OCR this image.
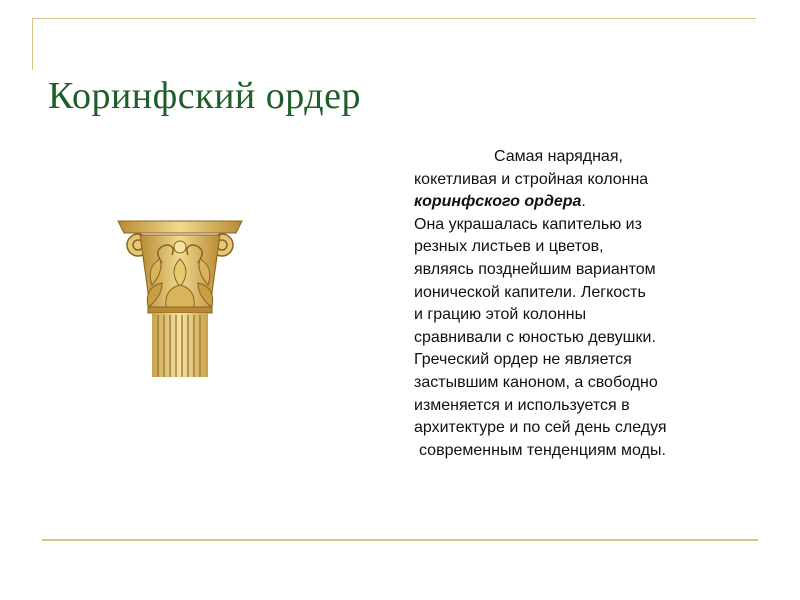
Коринфский ордер
Самая нарядная,
кокетливая и стройная колонна
коринфского ордера.
Она украшалась капителью из
резных листьев и цветов,
являясь позднейшим вариантом
ионической капители. Легкость
и грацию этой колонны
сравнивали с юностью девушки.
Греческий ордер не является
застывшим каноном, а свободно
изменяется и используется в
архитектуре и по сей день следуя
современным тенденциям моды.
